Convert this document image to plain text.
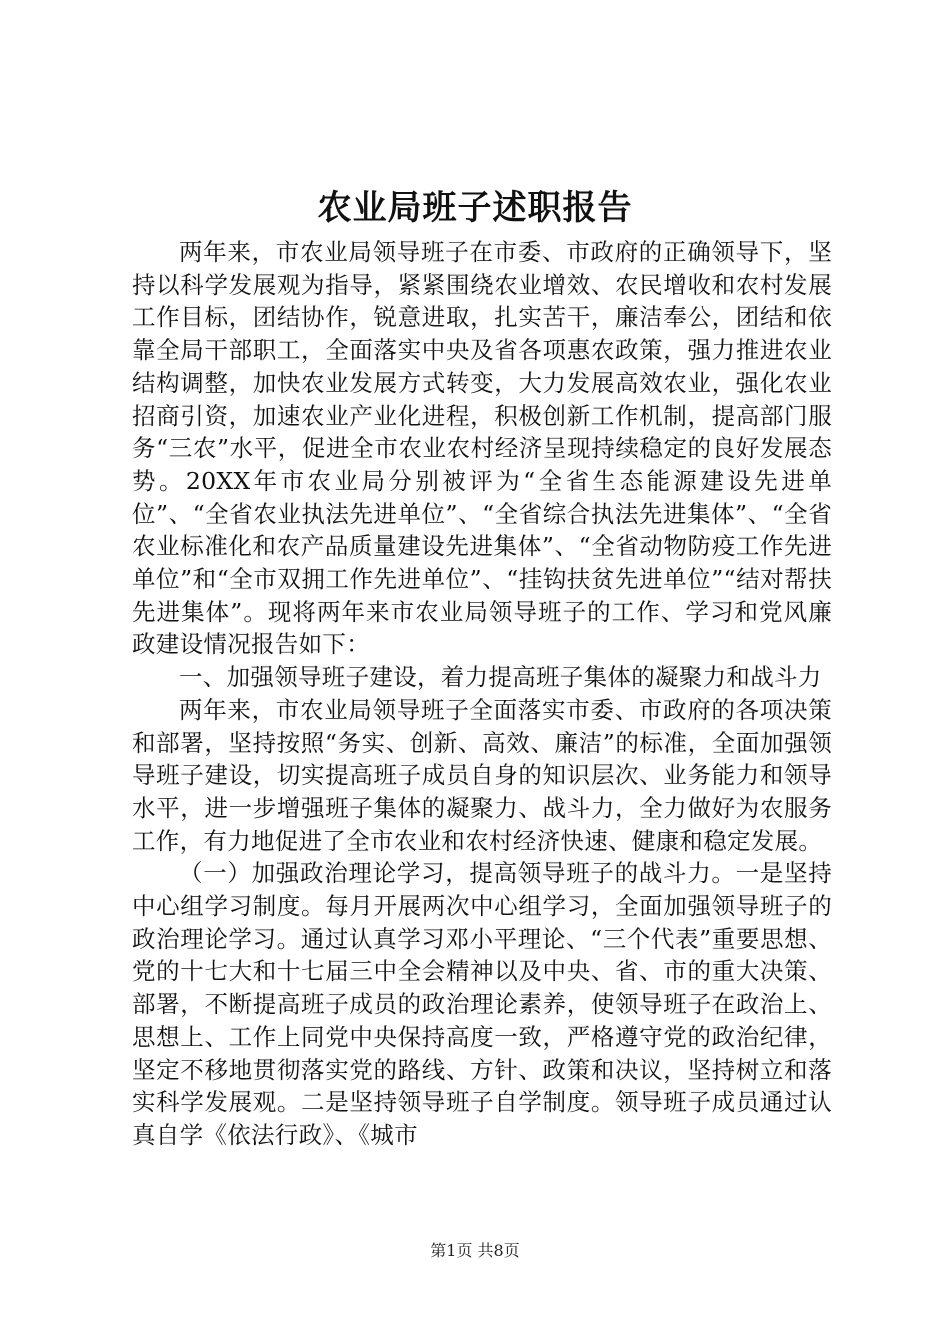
农业局班子述职报告

两年来，市农业局领导班子在市委、市政府的正确领导下，坚持以科学发展观为指导，紧紧围绕农业增效、农民增收和农村发展工作目标，团结协作，锐意进取，扎实苦干，廉洁奉公，团结和依靠全局干部职工，全面落实中央及省各项惠农政策，强力推进农业结构调整，加快农业发展方式转变，大力发展高效农业，强化农业招商引资，加速农业产业化进程，积极创新工作机制，提高部门服务“三农”水平，促进全市农业农村经济呈现持续稳定的良好发展态势。20XX年市农业局分别被评为“全省生态能源建设先进单位”、“全省农业执法先进单位”、“全省综合执法先进集体”、“全省农业标准化和农产品质量建设先进集体”、“全省动物防疫工作先进单位”和“全市双拥工作先进单位”、“挂钩扶贫先进单位”“结对帮扶先进集体”。现将两年来市农业局领导班子的工作、学习和党风廉政建设情况报告如下：

一、加强领导班子建设，着力提高班子集体的凝聚力和战斗力

两年来，市农业局领导班子全面落实市委、市政府的各项决策和部署，坚持按照“务实、创新、高效、廉洁”的标准，全面加强领导班子建设，切实提高班子成员自身的知识层次、业务能力和领导水平，进一步增强班子集体的凝聚力、战斗力，全力做好为农服务工作，有力地促进了全市农业和农村经济快速、健康和稳定发展。

（一）加强政治理论学习，提高领导班子的战斗力。一是坚持中心组学习制度。每月开展两次中心组学习，全面加强领导班子的政治理论学习。通过认真学习邓小平理论、“三个代表”重要思想、党的十七大和十七届三中全会精神以及中央、省、市的重大决策、部署，不断提高班子成员的政治理论素养，使领导班子在政治上、思想上、工作上同党中央保持高度一致，严格遵守党的政治纪律，坚定不移地贯彻落实党的路线、方针、政策和决议，坚持树立和落实科学发展观。二是坚持领导班子自学制度。领导班子成员通过认真自学《依法行政》、《城市

第1页 共8页
